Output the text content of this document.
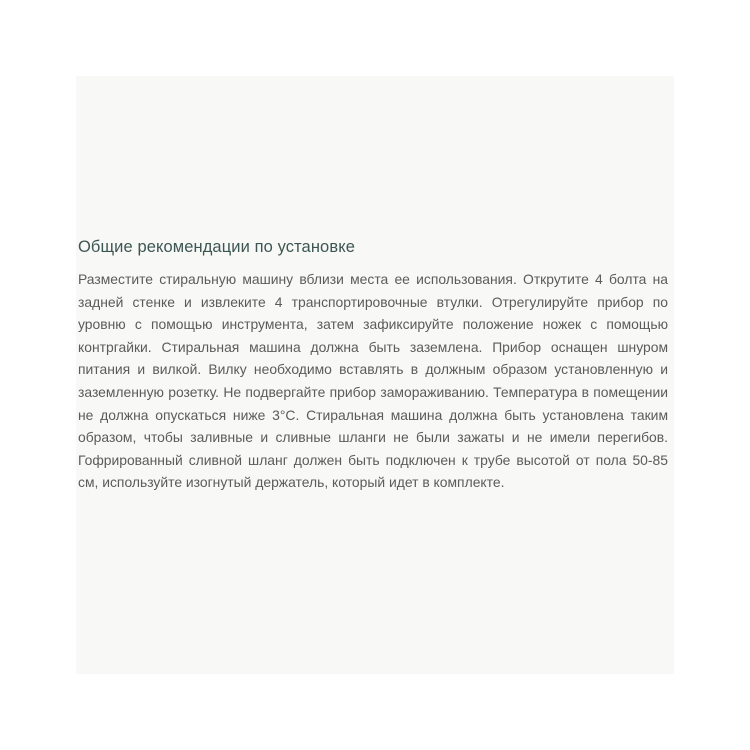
Общие рекомендации по установке

Разместите стиральную машину вблизи места ее использования. Открутите 4 болта на задней стенке и извлеките 4 транспортировочные втулки. Отрегулируйте прибор по уровню с помощью инструмента, затем зафиксируйте положение ножек с помощью контргайки. Стиральная машина должна быть заземлена. Прибор оснащен шнуром питания и вилкой. Вилку необходимо вставлять в должным образом установленную и заземленную розетку. Не подвергайте прибор замораживанию. Температура в помещении не должна опускаться ниже 3°C. Стиральная машина должна быть установлена таким образом, чтобы заливные и сливные шланги не были зажаты и не имели перегибов. Гофрированный сливной шланг должен быть подключен к трубе высотой от пола 50-85 см, используйте изогнутый держатель, который идет в комплекте.
